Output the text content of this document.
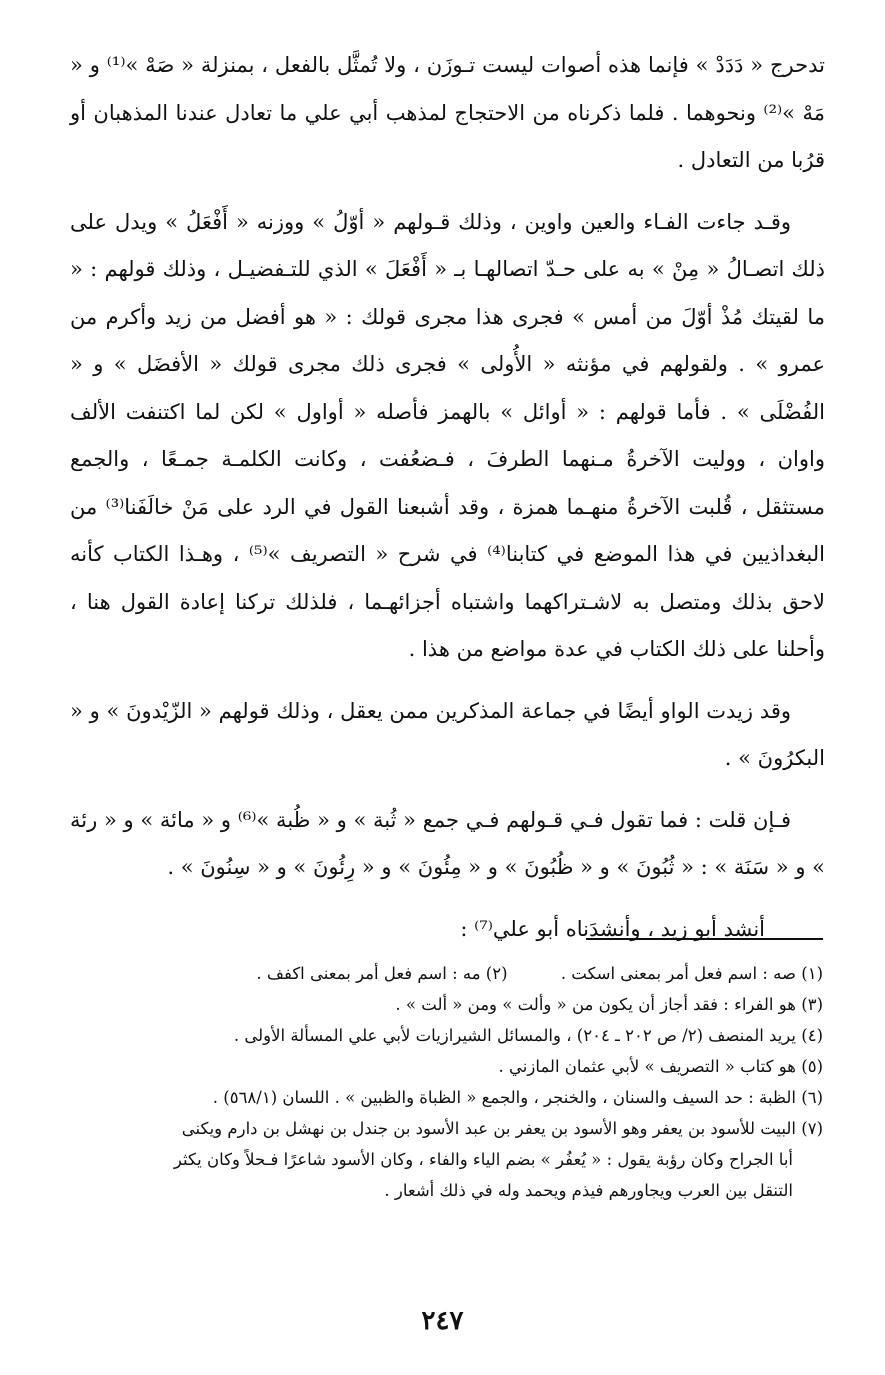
تدحرج « دَدَدْ » فإنما هذه أصوات ليست تـوزَن ، ولا تُمثَّل بالفعل ، بمنزلة « صَهْ »⁽¹⁾ و « مَهْ »⁽²⁾ ونحوهما . فلما ذكرناه من الاحتجاج لمذهب أبي علي ما تعادل عندنا المذهبان أو قرُبا من التعادل .

وقـد جاءت الفـاء والعين واوين ، وذلك قـولهم « أوّلُ » ووزنه « أَفْعَلُ » ويدل على ذلك اتصـالُ « مِنْ » به على حـدّ اتصالهـا بـ « أَفْعَلَ » الذي للتـفضيـل ، وذلك قولهم : « ما لقيتك مُذْ أوّلَ من أمس » فجرى هذا مجرى قولك : « هو أفضل من زيد وأكرم من عمرو » . ولقولهم في مؤنثه « الأُولى » فجرى ذلك مجرى قولك « الأفضَل » و « الفُضْلَى » . فأما قولهم : « أوائل » بالهمز فأصله « أواول » لكن لما اكتنفت الألف واوان ، ووليت الآخرةُ مـنهما الطرفَ ، فـضعُفت ، وكانت الكلمـة جمـعًا ، والجمع مستثقل ، قُلبت الآخرةُ منهـما همزة ، وقد أشبعنا القول في الرد على مَنْ خالَفَنا⁽³⁾ من البغداذيين في هذا الموضع في كتابنا⁽⁴⁾ في شرح « التصريف »⁽⁵⁾ ، وهـذا الكتاب كأنه لاحق بذلك ومتصل به لاشـتراكهما واشتباه أجزائهـما ، فلذلك تركنا إعادة القول هنا ، وأحلنا على ذلك الكتاب في عدة مواضع من هذا .

وقد زيدت الواو أيضًا في جماعة المذكرين ممن يعقل ، وذلك قولهم « الزّيْدونَ » و « البكرُونَ » .

فـإن قلت : فما تقول فـي قـولهم فـي جمع « ثُبة » و « ظُبة »⁽⁶⁾ و « مائة » و « رئة » و « سَنَة » : « ثُبُونَ » و « ظُبُونَ » و « مِئُونَ » و « رِئُونَ » و « سِنُونَ » .

أنشد أبو زيد ، وأنشدَناه أبو علي⁽⁷⁾ :

(١) صه : اسم فعل أمر بمعنى اسكت . (٢) مه : اسم فعل أمر بمعنى اكفف .
(٣) هو الفراء : فقد أجاز أن يكون من « وألت » ومن « ألت » .
(٤) يريد المنصف (٢/ ص ٢٠٢ ـ ٢٠٤) ، والمسائل الشيرازيات لأبي علي المسألة الأولى .
(٥) هو كتاب « التصريف » لأبي عثمان المازني .
(٦) الظبة : حد السيف والسنان ، والخنجر ، والجمع « الظباة والظبين » . اللسان (٥٦٨/١) .
(٧) البيت للأسود بن يعفر وهو الأسود بن يعفر بن عبد الأسود بن جندل بن نهشل بن دارم ويكنى
أبا الجراح وكان رؤبة يقول : « يُعفُر » بضم الياء والفاء ، وكان الأسود شاعرًا فـحلاً وكان يكثر
التنقل بين العرب ويجاورهم فيذم ويحمد وله في ذلك أشعار .
٢٤٧
